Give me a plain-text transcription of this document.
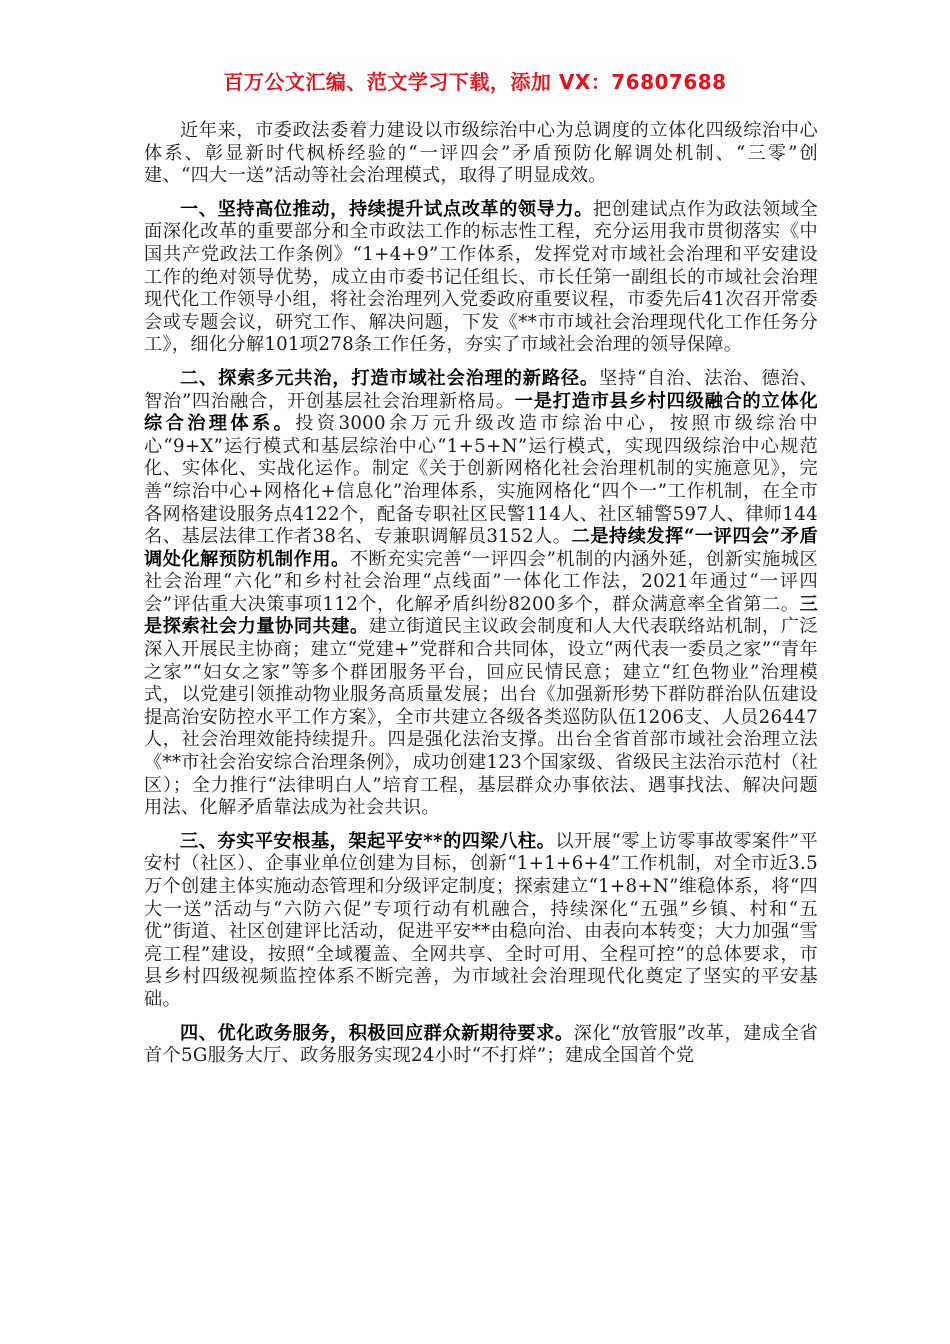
百万公文汇编、范文学习下载，添加 VX：76807688

近年来，市委政法委着力建设以市级综治中心为总调度的立体化四级综治中心体系、彰显新时代枫桥经验的“一评四会”矛盾预防化解调处机制、“三零”创建、“四大一送”活动等社会治理模式，取得了明显成效。

一、坚持高位推动，持续提升试点改革的领导力。把创建试点作为政法领域全面深化改革的重要部分和全市政法工作的标志性工程，充分运用我市贯彻落实《中国共产党政法工作条例》“1+4+9”工作体系，发挥党对市域社会治理和平安建设工作的绝对领导优势，成立由市委书记任组长、市长任第一副组长的市域社会治理现代化工作领导小组，将社会治理列入党委政府重要议程，市委先后41次召开常委会或专题会议，研究工作、解决问题，下发《**市市域社会治理现代化工作任务分工》，细化分解101项278条工作任务，夯实了市域社会治理的领导保障。

二、探索多元共治，打造市域社会治理的新路径。坚持“自治、法治、德治、智治”四治融合，开创基层社会治理新格局。一是打造市县乡村四级融合的立体化综合治理体系。投资3000余万元升级改造市综治中心，按照市级综治中心“9+X”运行模式和基层综治中心“1+5+N”运行模式，实现四级综治中心规范化、实体化、实战化运作。制定《关于创新网格化社会治理机制的实施意见》，完善“综治中心+网格化+信息化”治理体系，实施网格化“四个一”工作机制，在全市各网格建设服务点4122个，配备专职社区民警114人、社区辅警597人、律师144名、基层法律工作者38名、专兼职调解员3152人。二是持续发挥“一评四会”矛盾调处化解预防机制作用。不断充实完善“一评四会”机制的内涵外延，创新实施城区社会治理“六化”和乡村社会治理“点线面”一体化工作法，2021年通过“一评四会”评估重大决策事项112个，化解矛盾纠纷8200多个，群众满意率全省第二。三是探索社会力量协同共建。建立街道民主议政会制度和人大代表联络站机制，广泛深入开展民主协商；建立“党建+”党群和合共同体，设立“两代表一委员之家”“青年之家”“妇女之家”等多个群团服务平台，回应民情民意；建立“红色物业”治理模式，以党建引领推动物业服务高质量发展；出台《加强新形势下群防群治队伍建设提高治安防控水平工作方案》，全市共建立各级各类巡防队伍1206支、人员26447人，社会治理效能持续提升。四是强化法治支撑。出台全省首部市域社会治理立法《**市社会治安综合治理条例》，成功创建123个国家级、省级民主法治示范村（社区）；全力推行“法律明白人”培育工程，基层群众办事依法、遇事找法、解决问题用法、化解矛盾靠法成为社会共识。

三、夯实平安根基，架起平安**的四梁八柱。以开展“零上访零事故零案件”平安村（社区）、企事业单位创建为目标，创新“1+1+6+4”工作机制，对全市近3.5万个创建主体实施动态管理和分级评定制度；探索建立“1+8+N”维稳体系，将“四大一送”活动与“六防六促”专项行动有机融合，持续深化“五强”乡镇、村和“五优”街道、社区创建评比活动，促进平安**由稳向治、由表向本转变；大力加强“雪亮工程”建设，按照“全域覆盖、全网共享、全时可用、全程可控”的总体要求，市县乡村四级视频监控体系不断完善，为市域社会治理现代化奠定了坚实的平安基础。

四、优化政务服务，积极回应群众新期待要求。深化“放管服”改革，建成全省首个5G服务大厅、政务服务实现24小时“不打烊”；建成全国首个党
